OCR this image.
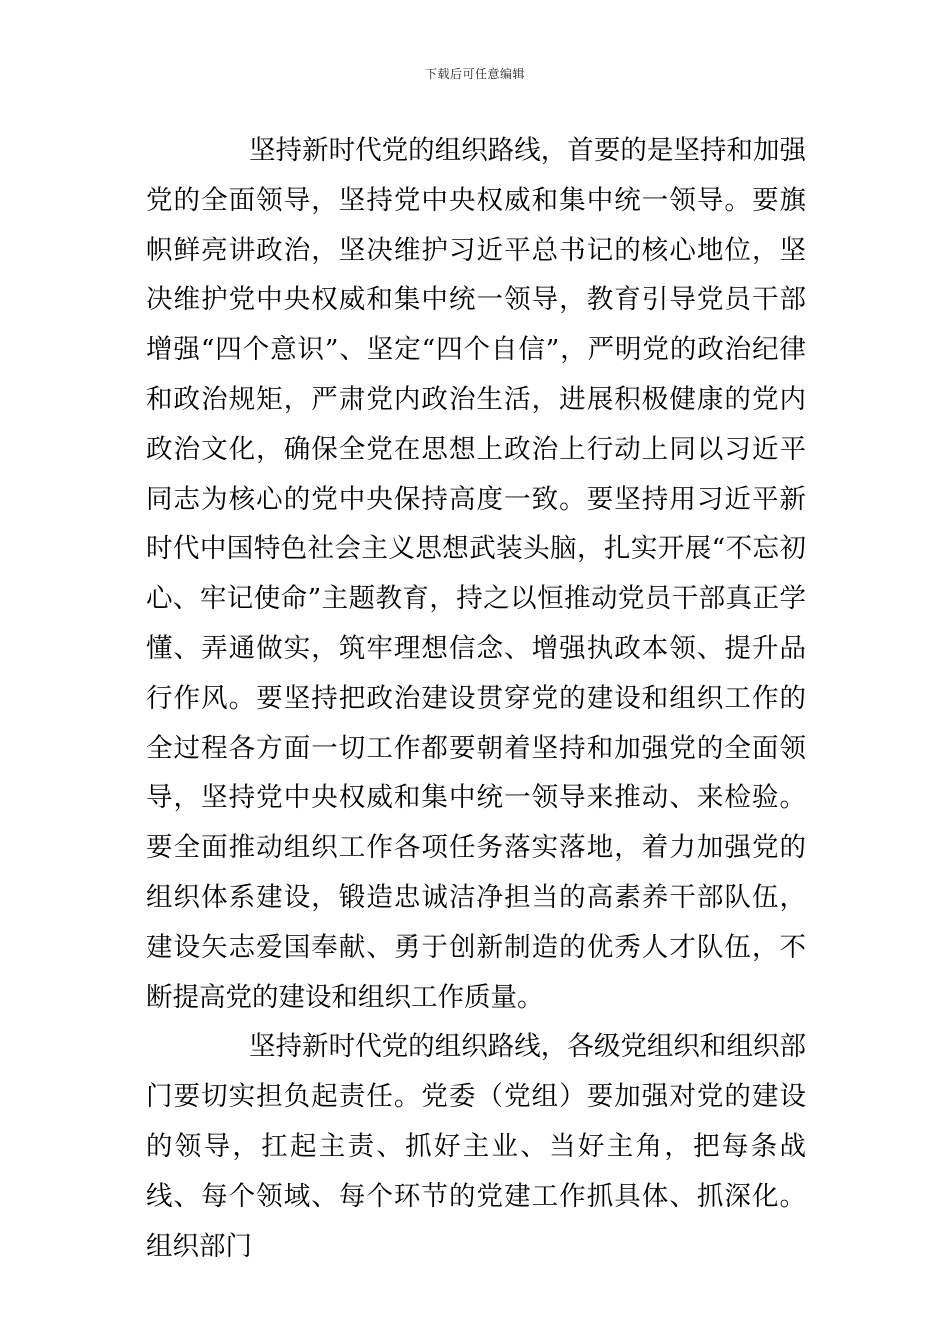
下载后可任意编辑

坚持新时代党的组织路线，首要的是坚持和加强党的全面领导，坚持党中央权威和集中统一领导。要旗帜鲜亮讲政治，坚决维护习近平总书记的核心地位，坚决维护党中央权威和集中统一领导，教育引导党员干部增强“四个意识”、坚定“四个自信”，严明党的政治纪律和政治规矩，严肃党内政治生活，进展积极健康的党内政治文化，确保全党在思想上政治上行动上同以习近平同志为核心的党中央保持高度一致。要坚持用习近平新时代中国特色社会主义思想武装头脑，扎实开展“不忘初心、牢记使命”主题教育，持之以恒推动党员干部真正学懂、弄通做实，筑牢理想信念、增强执政本领、提升品行作风。要坚持把政治建设贯穿党的建设和组织工作的全过程各方面一切工作都要朝着坚持和加强党的全面领导，坚持党中央权威和集中统一领导来推动、来检验。要全面推动组织工作各项任务落实落地，着力加强党的组织体系建设，锻造忠诚洁净担当的高素养干部队伍，建设矢志爱国奉献、勇于创新制造的优秀人才队伍，不断提高党的建设和组织工作质量。

坚持新时代党的组织路线，各级党组织和组织部门要切实担负起责任。党委（党组）要加强对党的建设的领导，扛起主责、抓好主业、当好主角，把每条战线、每个领域、每个环节的党建工作抓具体、抓深化。组织部门
